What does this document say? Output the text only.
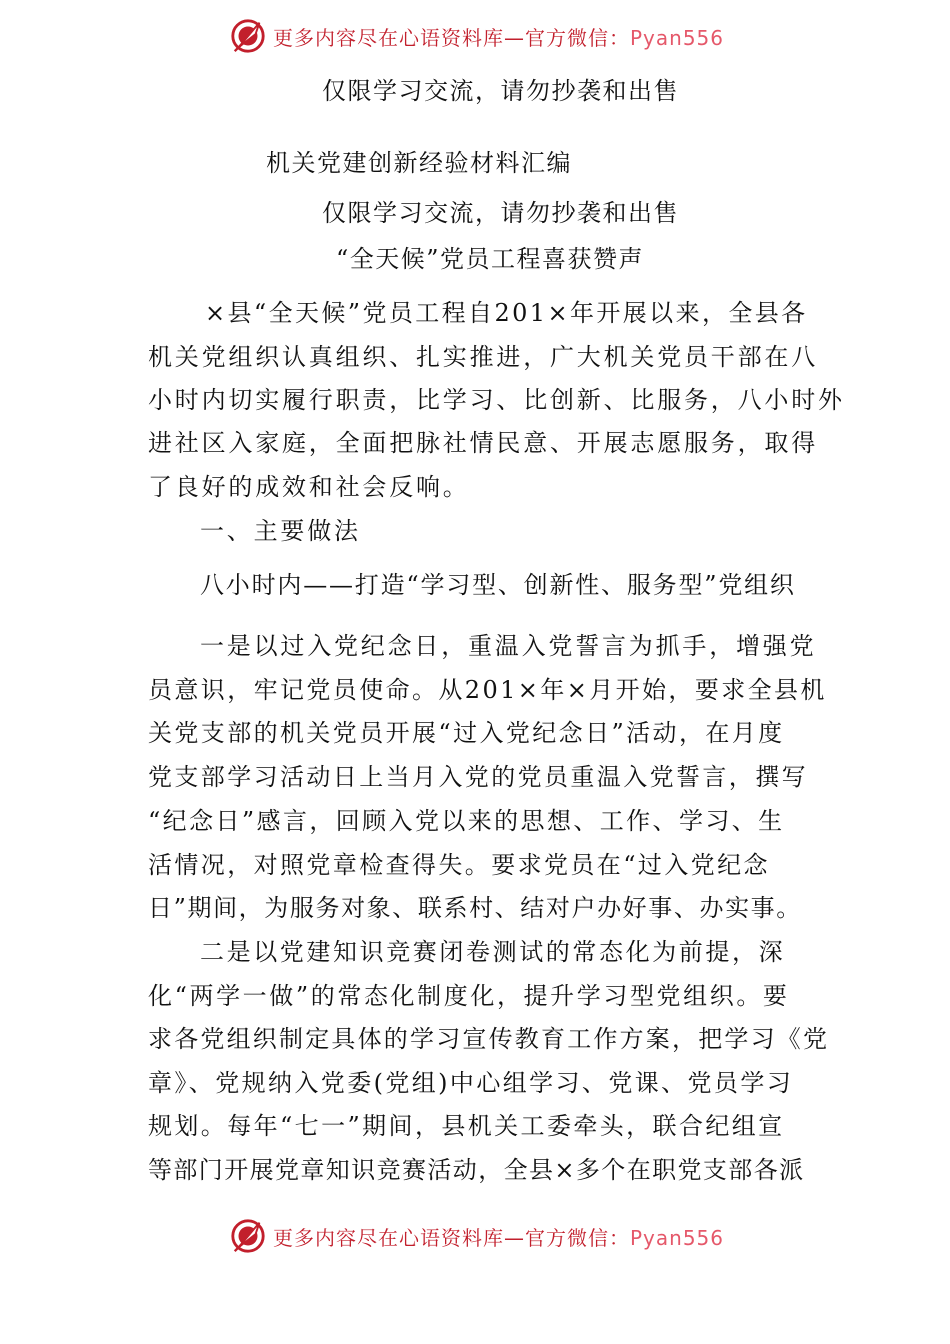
更多内容尽在心语资料库—官方微信：Pyan556
仅限学习交流，请勿抄袭和出售
机关党建创新经验材料汇编
仅限学习交流，请勿抄袭和出售
“全天候”党员工程喜获赞声
×县“全天候”党员工程自201×年开展以来，全县各
机关党组织认真组织、扎实推进，广大机关党员干部在八
小时内切实履行职责，比学习、比创新、比服务，八小时外
进社区入家庭，全面把脉社情民意、开展志愿服务，取得
了良好的成效和社会反响。
一、主要做法
八小时内——打造“学习型、创新性、服务型”党组织
一是以过入党纪念日，重温入党誓言为抓手，增强党
员意识，牢记党员使命。从201×年×月开始，要求全县机
关党支部的机关党员开展“过入党纪念日”活动，在月度
党支部学习活动日上当月入党的党员重温入党誓言，撰写
“纪念日”感言，回顾入党以来的思想、工作、学习、生
活情况，对照党章检查得失。要求党员在“过入党纪念
日”期间，为服务对象、联系村、结对户办好事、办实事。
二是以党建知识竞赛闭卷测试的常态化为前提，深
化“两学一做”的常态化制度化，提升学习型党组织。要
求各党组织制定具体的学习宣传教育工作方案，把学习《党
章》、党规纳入党委(党组)中心组学习、党课、党员学习
规划。每年“七一”期间，县机关工委牵头，联合纪组宣
等部门开展党章知识竞赛活动，全县×多个在职党支部各派
更多内容尽在心语资料库—官方微信：Pyan556
